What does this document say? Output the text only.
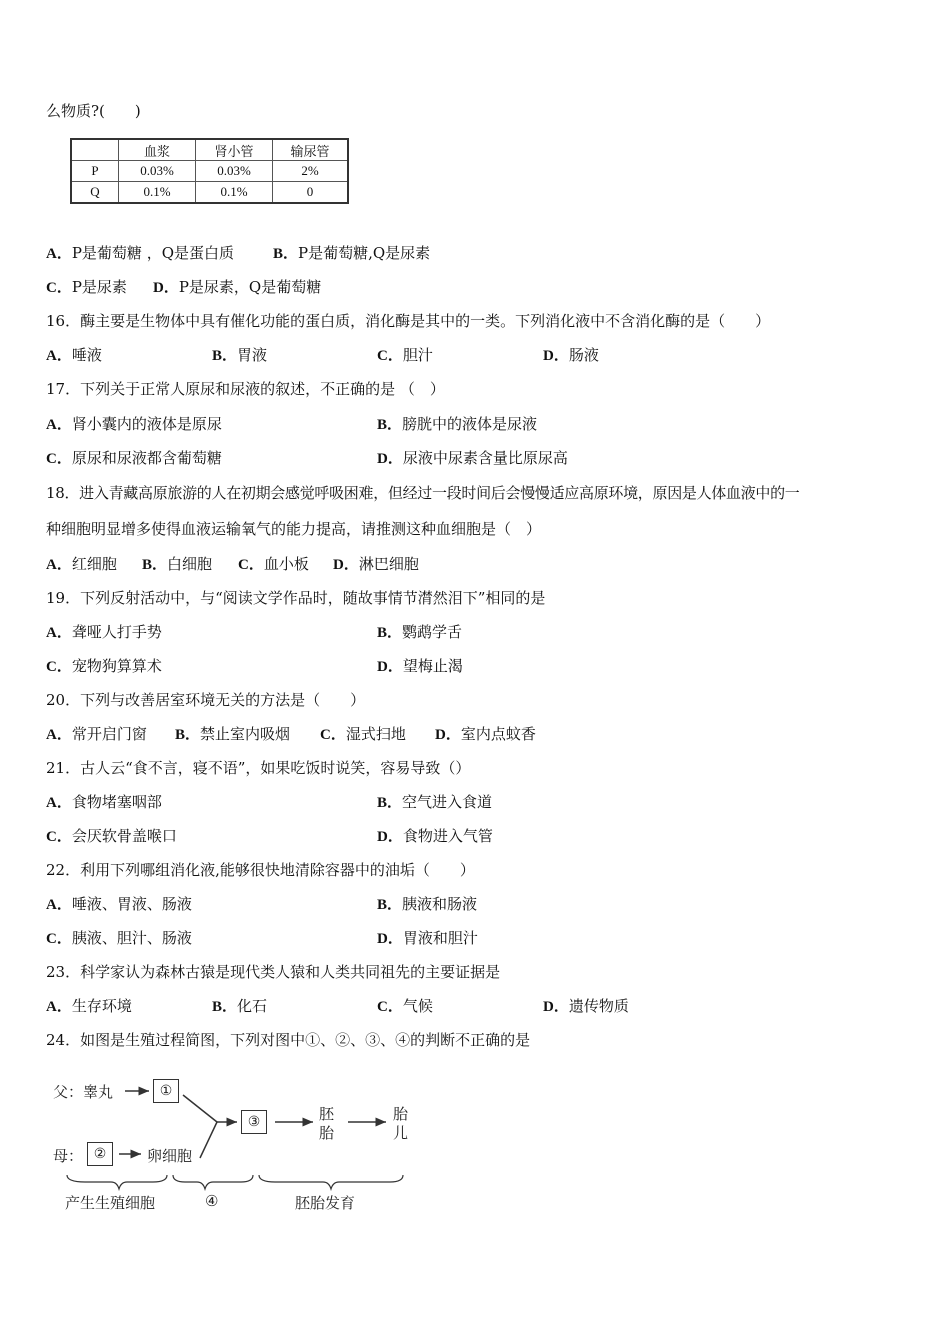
么物质?(　　)
	血浆	肾小管	输尿管
P	0.03%	0.03%	2%
Q	0.1%	0.1%	0
A．P是葡萄糖 ，Q是蛋白质	B．P是葡萄糖,Q是尿素
C．P是尿素 D．P是尿素，Q是葡萄糖
16．酶主要是生物体中具有催化功能的蛋白质，消化酶是其中的一类。下列消化液中不含消化酶的是（　　）
A．唾液	B．胃液	C．胆汁	D．肠液
17．下列关于正常人原尿和尿液的叙述，不正确的是 （　）
A．肾小囊内的液体是原尿	B．膀胱中的液体是尿液
C．原尿和尿液都含葡萄糖	D．尿液中尿素含量比原尿高
18．进入青藏高原旅游的人在初期会感觉呼吸困难，但经过一段时间后会慢慢适应高原环境，原因是人体血液中的一
种细胞明显增多使得血液运输氧气的能力提高，请推测这种血细胞是（　）
A．红细胞 B．白细胞 C．血小板 D．淋巴细胞
19．下列反射活动中，与“阅读文学作品时，随故事情节潸然泪下”相同的是
A．聋哑人打手势	B．鹦鹉学舌
C．宠物狗算算术	D．望梅止渴
20．下列与改善居室环境无关的方法是（　　）
A．常开启门窗 B．禁止室内吸烟 C．湿式扫地 D．室内点蚊香
21．古人云“食不言，寝不语”，如果吃饭时说笑，容易导致（）
A．食物堵塞咽部	B．空气进入食道
C．会厌软骨盖喉口	D．食物进入气管
22．利用下列哪组消化液,能够很快地清除容器中的油垢（　　）
A．唾液、胃液、肠液	B．胰液和肠液
C．胰液、胆汁、肠液	D．胃液和胆汁
23．科学家认为森林古猿是现代类人猿和人类共同祖先的主要证据是
A．生存环境	B．化石	C．气候	D．遗传物质
24．如图是生殖过程简图，下列对图中①、②、③、④的判断不正确的是
父：睾丸	①
母： ②	卵细胞
③	胚
胎
胎
儿
产生生殖细胞	④	胚胎发育
